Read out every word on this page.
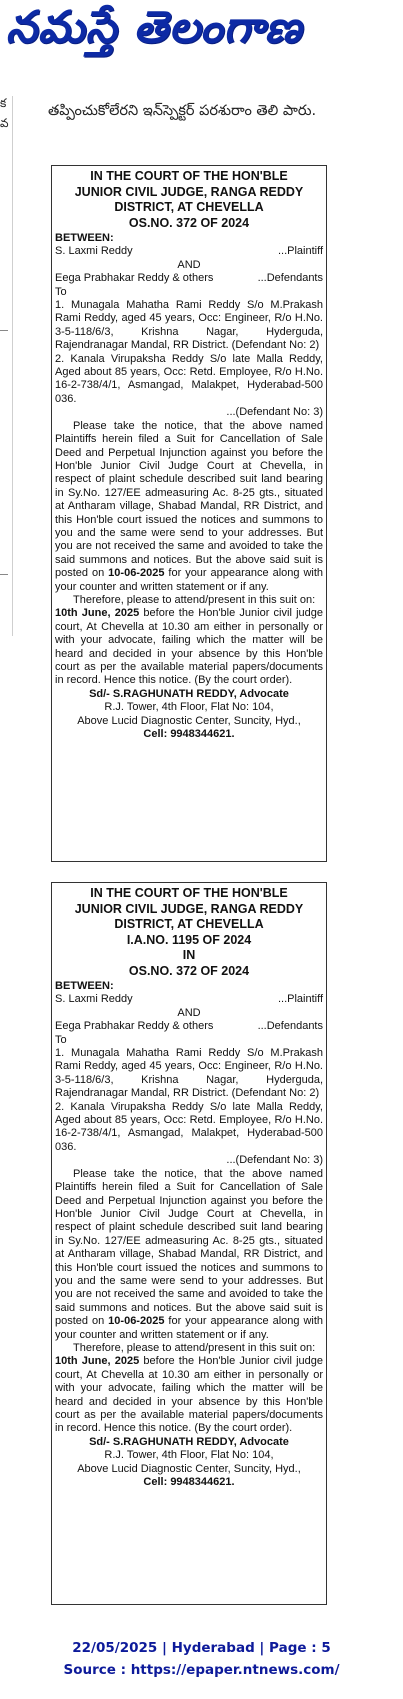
నమస్తే తెలంగాణ
క
వ
తప్పించుకోలేరని ఇన్‌స్పెక్టర్ పరశురాం తెలి పారు.
IN THE COURT OF THE HON'BLE
JUNIOR CIVIL JUDGE, RANGA REDDY
DISTRICT, AT CHEVELLA
OS.NO. 372 OF 2024
BETWEEN:
S. Laxmi Reddy	...Plaintiff
AND
Eega Prabhakar Reddy & others	...Defendants
To
1. Munagala Mahatha Rami Reddy S/o M.Prakash Rami Reddy, aged 45 years, Occ: Engineer, R/o H.No. 3-5-118/6/3, Krishna Nagar, Hyderguda, Rajendranagar Mandal, RR District. (Defendant No: 2)
2. Kanala Virupaksha Reddy S/o late Malla Reddy, Aged about 85 years, Occ: Retd. Employee, R/o H.No. 16-2-738/4/1, Asmangad, Malakpet, Hyderabad-500 036.
...(Defendant No: 3)
Please take the notice, that the above named Plaintiffs herein filed a Suit for Cancellation of Sale Deed and Perpetual Injunction against you before the Hon'ble Junior Civil Judge Court at Chevella, in respect of plaint schedule described suit land bearing in Sy.No. 127/EE admeasuring Ac. 8-25 gts., situated at Antharam village, Shabad Mandal, RR District, and this Hon'ble court issued the notices and summons to you and the same were send to your addresses. But you are not received the same and avoided to take the said summons and notices. But the above said suit is posted on 10-06-2025 for your appearance along with your counter and written statement or if any.
Therefore, please to attend/present in this suit on:
10th June, 2025 before the Hon'ble Junior civil judge court, At Chevella at 10.30 am either in personally or with your advocate, failing which the matter will be heard and decided in your absence by this Hon'ble court as per the available material papers/documents in record. Hence this notice. (By the court order).
Sd/- S.RAGHUNATH REDDY, Advocate
R.J. Tower, 4th Floor, Flat No: 104,
Above Lucid Diagnostic Center, Suncity, Hyd.,
Cell: 9948344621.
IN THE COURT OF THE HON'BLE
JUNIOR CIVIL JUDGE, RANGA REDDY
DISTRICT, AT CHEVELLA
I.A.NO. 1195 OF 2024
IN
OS.NO. 372 OF 2024
BETWEEN:
S. Laxmi Reddy	...Plaintiff
AND
Eega Prabhakar Reddy & others	...Defendants
To
1. Munagala Mahatha Rami Reddy S/o M.Prakash Rami Reddy, aged 45 years, Occ: Engineer, R/o H.No. 3-5-118/6/3, Krishna Nagar, Hyderguda, Rajendranagar Mandal, RR District. (Defendant No: 2)
2. Kanala Virupaksha Reddy S/o late Malla Reddy, Aged about 85 years, Occ: Retd. Employee, R/o H.No. 16-2-738/4/1, Asmangad, Malakpet, Hyderabad-500 036.
...(Defendant No: 3)
Please take the notice, that the above named Plaintiffs herein filed a Suit for Cancellation of Sale Deed and Perpetual Injunction against you before the Hon'ble Junior Civil Judge Court at Chevella, in respect of plaint schedule described suit land bearing in Sy.No. 127/EE admeasuring Ac. 8-25 gts., situated at Antharam village, Shabad Mandal, RR District, and this Hon'ble court issued the notices and summons to you and the same were send to your addresses. But you are not received the same and avoided to take the said summons and notices. But the above said suit is posted on 10-06-2025 for your appearance along with your counter and written statement or if any.
Therefore, please to attend/present in this suit on:
10th June, 2025 before the Hon'ble Junior civil judge court, At Chevella at 10.30 am either in personally or with your advocate, failing which the matter will be heard and decided in your absence by this Hon'ble court as per the available material papers/documents in record. Hence this notice. (By the court order).
Sd/- S.RAGHUNATH REDDY, Advocate
R.J. Tower, 4th Floor, Flat No: 104,
Above Lucid Diagnostic Center, Suncity, Hyd.,
Cell: 9948344621.
22/05/2025 | Hyderabad | Page : 5
Source : https://epaper.ntnews.com/
